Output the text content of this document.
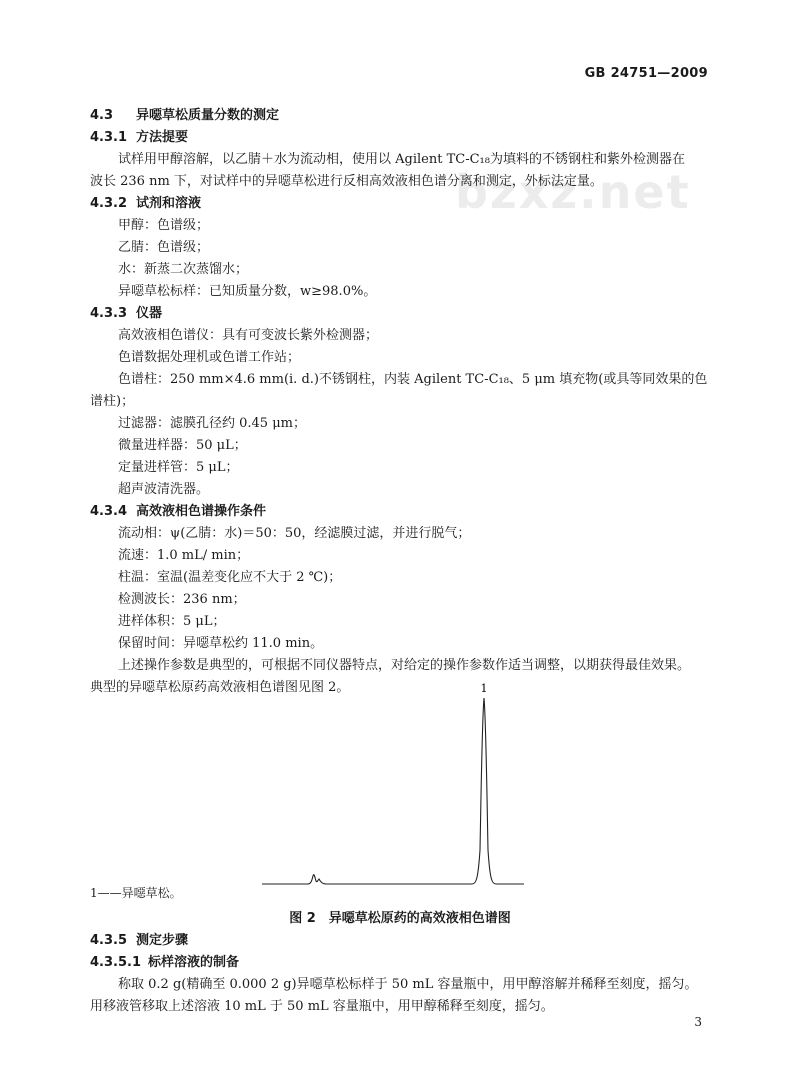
bzxz.net
GB 24751—2009
4.3 异噁草松质量分数的测定
4.3.1 方法提要
试样用甲醇溶解，以乙腈＋水为流动相，使用以 Agilent TC-C₁₈为填料的不锈钢柱和紫外检测器在
波长 236 nm 下，对试样中的异噁草松进行反相高效液相色谱分离和测定，外标法定量。
4.3.2 试剂和溶液
甲醇：色谱级；
乙腈：色谱级；
水：新蒸二次蒸馏水；
异噁草松标样：已知质量分数，w≥98.0%。
4.3.3 仪器
高效液相色谱仪：具有可变波长紫外检测器；
色谱数据处理机或色谱工作站；
色谱柱：250 mm×4.6 mm(i. d.)不锈钢柱，内装 Agilent TC-C₁₈、5 μm 填充物(或具等同效果的色
谱柱)；
过滤器：滤膜孔径约 0.45 μm；
微量进样器：50 μL；
定量进样管：5 μL；
超声波清洗器。
4.3.4 高效液相色谱操作条件
流动相：ψ(乙腈：水)＝50：50，经滤膜过滤，并进行脱气；
流速：1.0 mL/ min；
柱温：室温(温差变化应不大于 2 ℃)；
检测波长：236 nm；
进样体积：5 μL；
保留时间：异噁草松约 11.0 min。
上述操作参数是典型的，可根据不同仪器特点，对给定的操作参数作适当调整，以期获得最佳效果。
典型的异噁草松原药高效液相色谱图见图 2。	1
1——异噁草松。
图 2　异噁草松原药的高效液相色谱图
4.3.5 测定步骤
4.3.5.1 标样溶液的制备
称取 0.2 g(精确至 0.000 2 g)异噁草松标样于 50 mL 容量瓶中，用甲醇溶解并稀释至刻度，摇匀。
用移液管移取上述溶液 10 mL 于 50 mL 容量瓶中，用甲醇稀释至刻度，摇匀。
3
